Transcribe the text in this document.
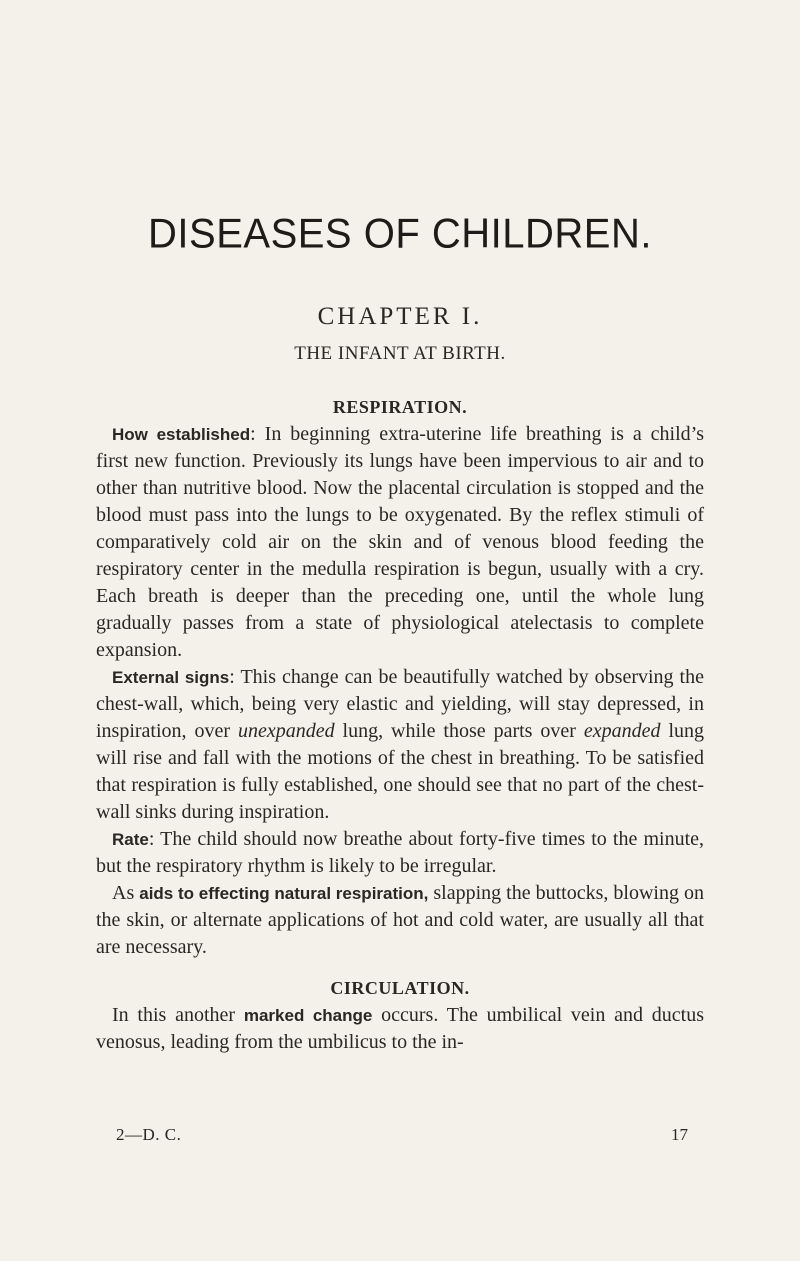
DISEASES OF CHILDREN.
CHAPTER I.
THE INFANT AT BIRTH.
RESPIRATION.

How established: In beginning extra-uterine life breathing is a child’s first new function. Previously its lungs have been impervious to air and to other than nutritive blood. Now the placental circulation is stopped and the blood must pass into the lungs to be oxygenated. By the reflex stimuli of comparatively cold air on the skin and of venous blood feeding the respiratory center in the medulla respiration is begun, usually with a cry. Each breath is deeper than the preceding one, until the whole lung gradually passes from a state of physiological atelectasis to complete expansion.

External signs: This change can be beautifully watched by observing the chest-wall, which, being very elastic and yielding, will stay depressed, in inspiration, over unexpanded lung, while those parts over expanded lung will rise and fall with the motions of the chest in breathing. To be satisfied that respiration is fully established, one should see that no part of the chest-wall sinks during inspiration.

Rate: The child should now breathe about forty-five times to the minute, but the respiratory rhythm is likely to be irregular.

As aids to effecting natural respiration, slapping the buttocks, blowing on the skin, or alternate applications of hot and cold water, are usually all that are necessary.

CIRCULATION.

In this another marked change occurs. The umbilical vein and ductus venosus, leading from the umbilicus to the in-

2—D. C.	17
